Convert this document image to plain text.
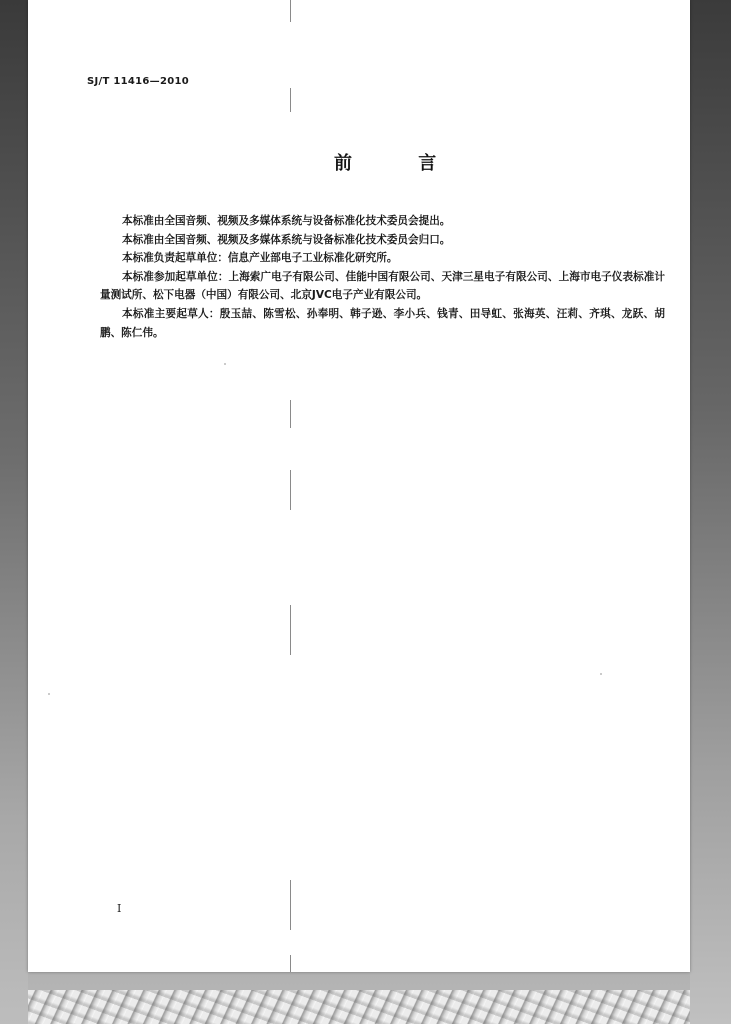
SJ/T 11416—2010
前 言

本标准由全国音频、视频及多媒体系统与设备标准化技术委员会提出。

本标准由全国音频、视频及多媒体系统与设备标准化技术委员会归口。

本标准负责起草单位：信息产业部电子工业标准化研究所。

本标准参加起草单位：上海索广电子有限公司、佳能中国有限公司、天津三星电子有限公司、上海市电子仪表标准计量测试所、松下电器（中国）有限公司、北京JVC电子产业有限公司。

本标准主要起草人：殷玉喆、陈雪松、孙奉明、韩子逊、李小兵、钱青、田导虹、张海英、汪莉、齐琪、龙跃、胡鹏、陈仁伟。

I
